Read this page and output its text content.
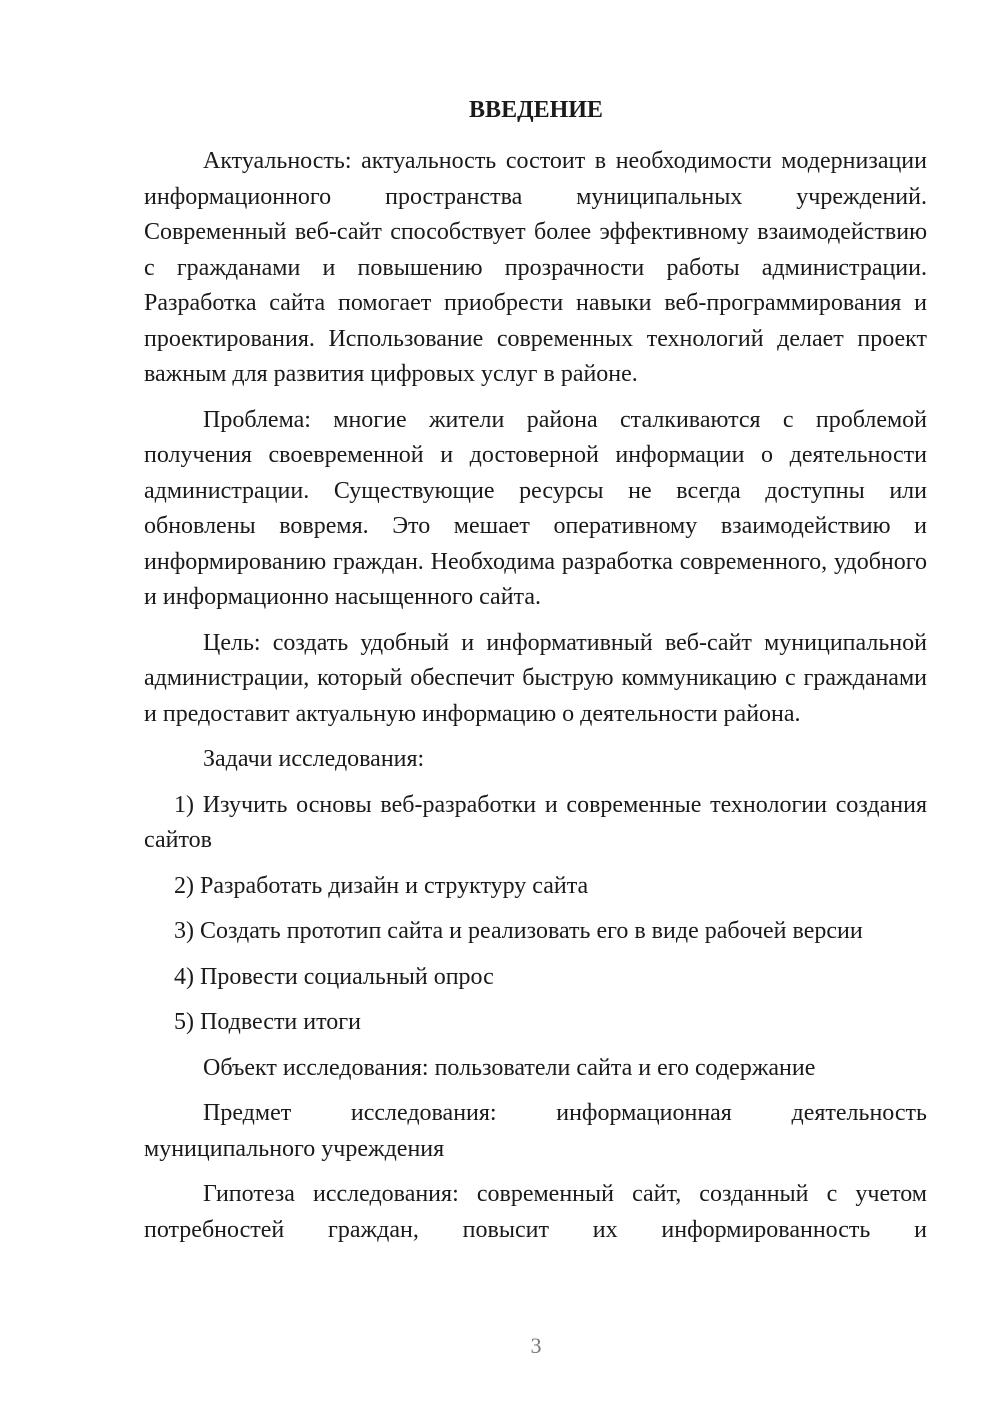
ВВЕДЕНИЕ

Актуальность: актуальность состоит в необходимости модернизации информационного пространства муниципальных учреждений. Современный веб-сайт способствует более эффективному взаимодействию с гражданами и повышению прозрачности работы администрации. Разработка сайта помогает приобрести навыки веб-программирования и проектирования. Использование современных технологий делает проект важным для развития цифровых услуг в районе.

Проблема: многие жители района сталкиваются с проблемой получения своевременной и достоверной информации о деятельности администрации. Существующие ресурсы не всегда доступны или обновлены вовремя. Это мешает оперативному взаимодействию и информированию граждан. Необходима разработка современного, удобного и информационно насыщенного сайта.

Цель: создать удобный и информативный веб-сайт муниципальной администрации, который обеспечит быструю коммуникацию с гражданами и предоставит актуальную информацию о деятельности района.

Задачи исследования:

1) Изучить основы веб-разработки и современные технологии создания сайтов

2) Разработать дизайн и структуру сайта

3) Создать прототип сайта и реализовать его в виде рабочей версии

4) Провести социальный опрос

5) Подвести итоги

Объект исследования: пользователи сайта и его содержание

Предмет исследования: информационная деятельность муниципального учреждения

Гипотеза исследования: современный сайт, созданный с учетом потребностей граждан, повысит их информированность и

3
